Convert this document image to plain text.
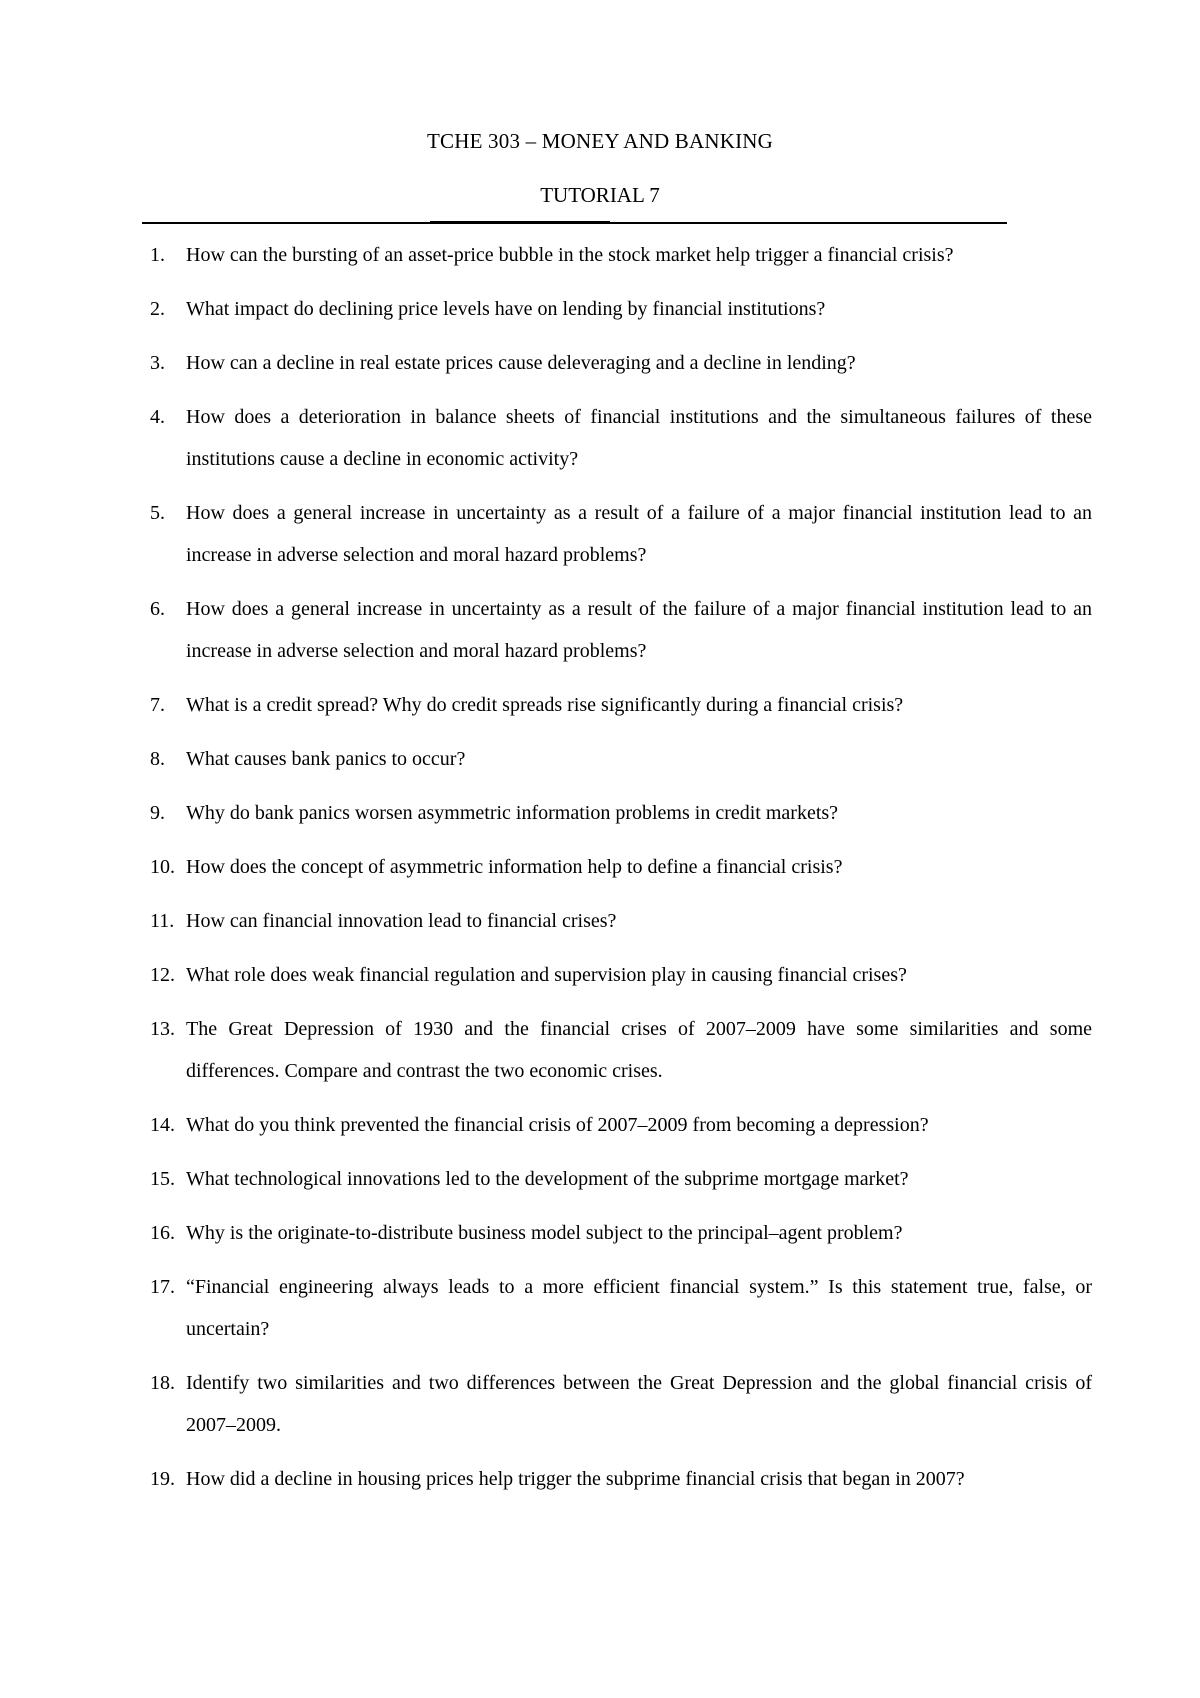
TCHE 303 – MONEY AND BANKING
TUTORIAL 7
1. How can the bursting of an asset-price bubble in the stock market help trigger a financial crisis?
2. What impact do declining price levels have on lending by financial institutions?
3. How can a decline in real estate prices cause deleveraging and a decline in lending?
4. How does a deterioration in balance sheets of financial institutions and the simultaneous failures of these institutions cause a decline in economic activity?
5. How does a general increase in uncertainty as a result of a failure of a major financial institution lead to an increase in adverse selection and moral hazard problems?
6. How does a general increase in uncertainty as a result of the failure of a major financial institution lead to an increase in adverse selection and moral hazard problems?
7. What is a credit spread? Why do credit spreads rise significantly during a financial crisis?
8. What causes bank panics to occur?
9. Why do bank panics worsen asymmetric information problems in credit markets?
10. How does the concept of asymmetric information help to define a financial crisis?
11. How can financial innovation lead to financial crises?
12. What role does weak financial regulation and supervision play in causing financial crises?
13. The Great Depression of 1930 and the financial crises of 2007–2009 have some similarities and some differences. Compare and contrast the two economic crises.
14. What do you think prevented the financial crisis of 2007–2009 from becoming a depression?
15. What technological innovations led to the development of the subprime mortgage market?
16. Why is the originate-to-distribute business model subject to the principal–agent problem?
17. “Financial engineering always leads to a more efficient financial system.” Is this statement true, false, or uncertain?
18. Identify two similarities and two differences between the Great Depression and the global financial crisis of 2007–2009.
19. How did a decline in housing prices help trigger the subprime financial crisis that began in 2007?
